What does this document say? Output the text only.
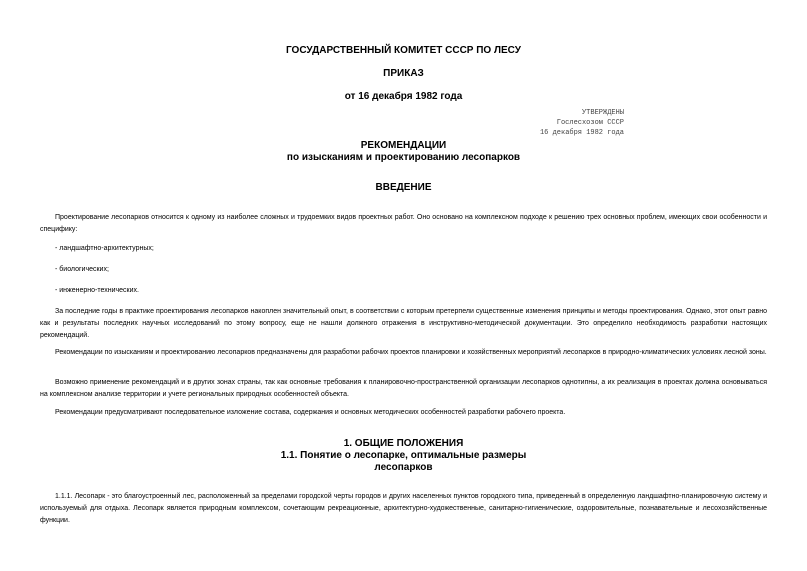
ГОСУДАРСТВЕННЫЙ КОМИТЕТ СССР ПО ЛЕСУ
ПРИКАЗ
от 16 декабря 1982 года
УТВЕРЖДЕНЫ
Гослесхозом СССР
16 декабря 1982 года
РЕКОМЕНДАЦИИ
по изысканиям и проектированию лесопарков
ВВЕДЕНИЕ
Проектирование лесопарков относится к одному из наиболее сложных и трудоемких видов проектных работ. Оно основано на комплексном подходе к решению трех основных проблем, имеющих свои особенности и специфику:
- ландшафтно-архитектурных;
- биологических;
- инженерно-технических.
За последние годы в практике проектирования лесопарков накоплен значительный опыт, в соответствии с которым претерпели существенные изменения принципы и методы проектирования. Однако, этот опыт равно как и результаты последних научных исследований по этому вопросу, еще не нашли должного отражения в инструктивно-методической документации. Это определило необходимость разработки настоящих рекомендаций.
Рекомендации по изысканиям и проектированию лесопарков предназначены для разработки рабочих проектов планировки и хозяйственных мероприятий лесопарков в природно-климатических условиях лесной зоны.
Возможно применение рекомендаций и в других зонах страны, так как основные требования к планировочно-пространственной организации лесопарков однотипны, а их реализация в проектах должна основываться на комплексном анализе территории и учете региональных природных особенностей объекта.
Рекомендации предусматривают последовательное изложение состава, содержания и основных методических особенностей разработки рабочего проекта.
1. ОБЩИЕ ПОЛОЖЕНИЯ
1.1. Понятие о лесопарке, оптимальные размеры
лесопарков
1.1.1. Лесопарк - это благоустроенный лес, расположенный за пределами городской черты городов и других населенных пунктов городского типа, приведенный в определенную ландшафтно-планировочную систему и используемый для отдыха. Лесопарк является природным комплексом, сочетающим рекреационные, архитектурно-художественные, санитарно-гигиенические, оздоровительные, познавательные и лесохозяйственные функции.
